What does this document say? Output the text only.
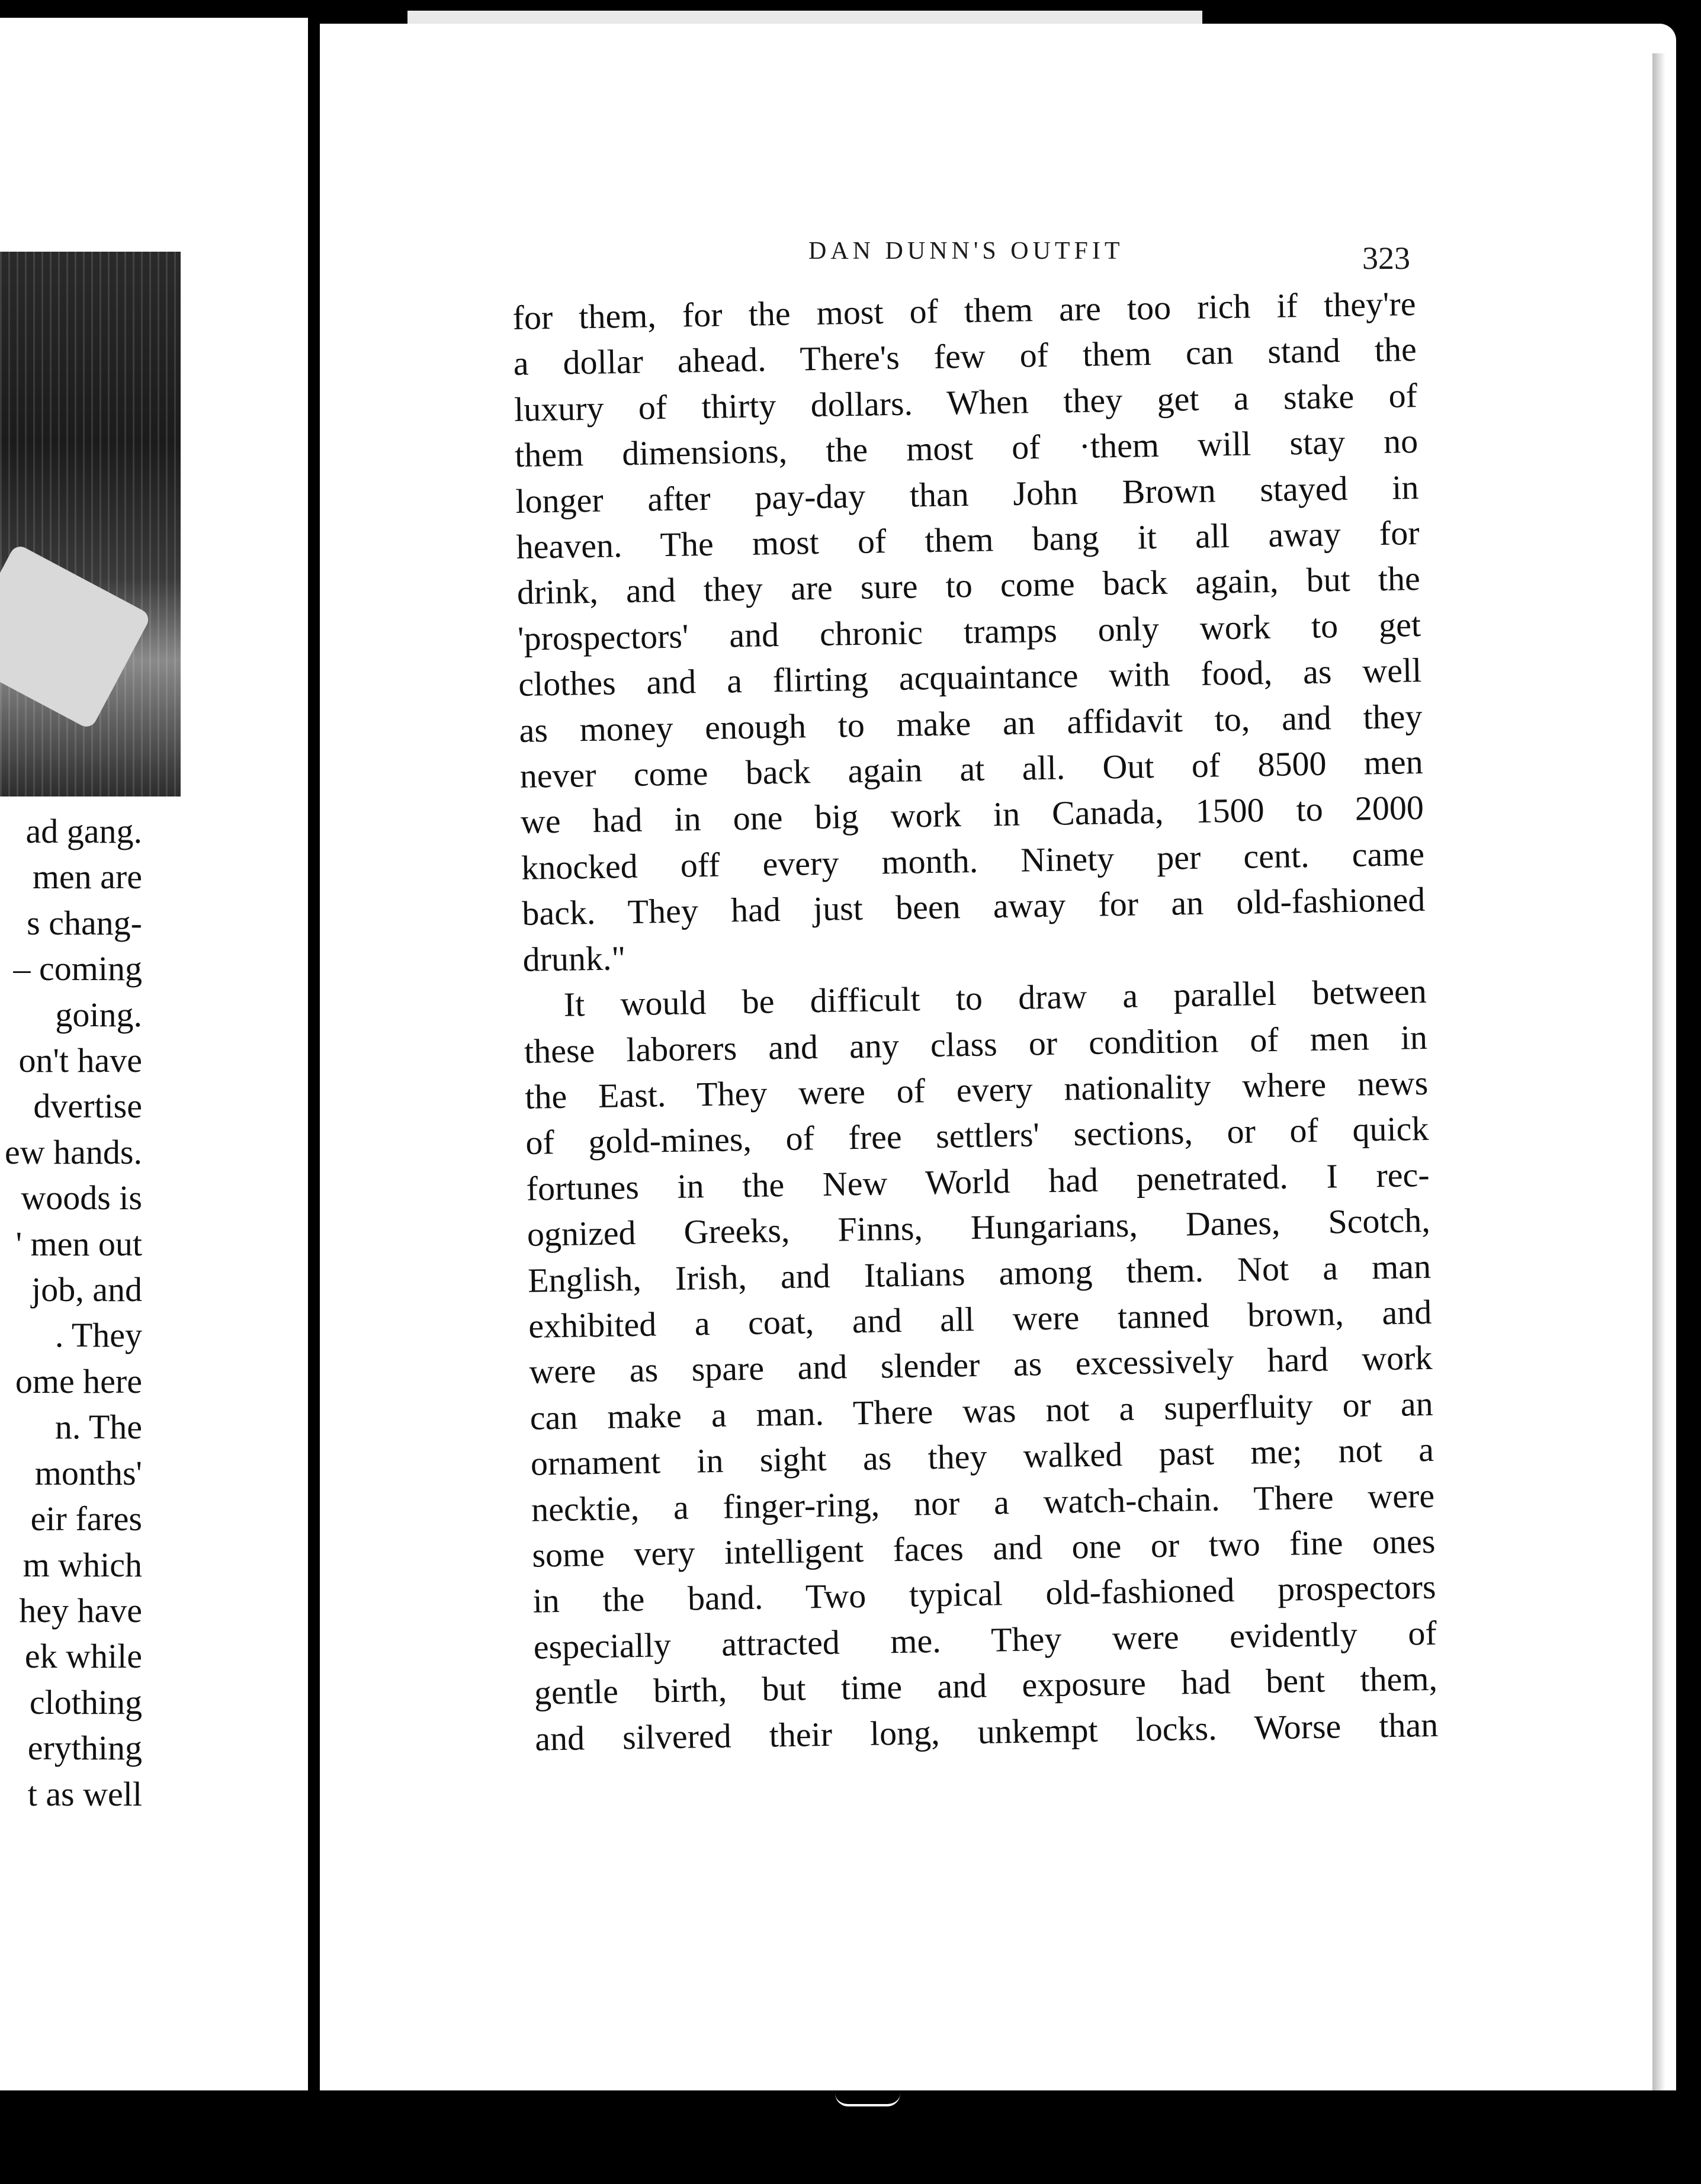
ad gang.
men are
s chang-
– coming
going.
on't have
dvertise
ew hands.
woods is
' men out
job, and
. They
ome here
n. The
months'
eir fares
m which
hey have
ek while
clothing
erything
t as well
DAN DUNN'S OUTFIT	323
for them, for the most of them are too rich if they're
a dollar ahead. There's few of them can stand the
luxury of thirty dollars. When they get a stake of
them dimensions, the most of ·them will stay no
longer after pay-day than John Brown stayed in
heaven. The most of them bang it all away for
drink, and they are sure to come back again, but the
'prospectors' and chronic tramps only work to get
clothes and a flirting acquaintance with food, as well
as money enough to make an affidavit to, and they
never come back again at all. Out of 8500 men
we had in one big work in Canada, 1500 to 2000
knocked off every month. Ninety per cent. came
back. They had just been away for an old-fashioned
drunk."
It would be difficult to draw a parallel between
these laborers and any class or condition of men in
the East. They were of every nationality where news
of gold-mines, of free settlers' sections, or of quick
fortunes in the New World had penetrated. I rec-
ognized Greeks, Finns, Hungarians, Danes, Scotch,
English, Irish, and Italians among them. Not a man
exhibited a coat, and all were tanned brown, and
were as spare and slender as excessively hard work
can make a man. There was not a superfluity or an
ornament in sight as they walked past me; not a
necktie, a finger-ring, nor a watch-chain. There were
some very intelligent faces and one or two fine ones
in the band. Two typical old-fashioned prospectors
especially attracted me. They were evidently of
gentle birth, but time and exposure had bent them,
and silvered their long, unkempt locks. Worse than
